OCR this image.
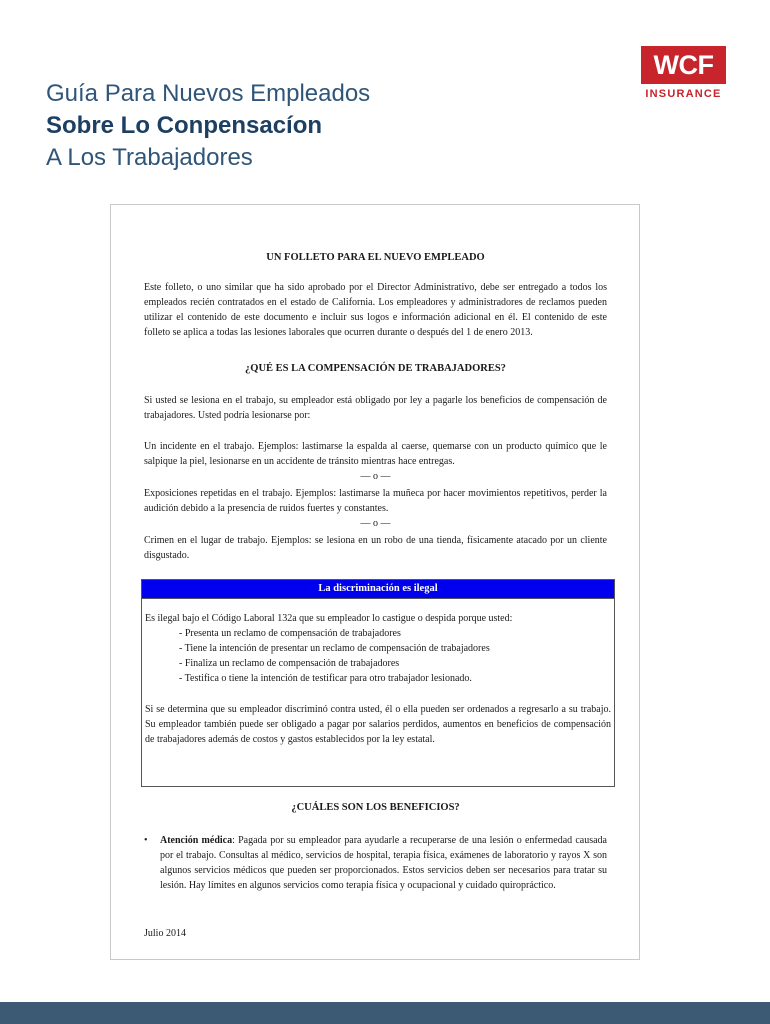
Guía Para Nuevos Empleados
Sobre Lo Conpensacíon
A Los Trabajadores
WCF
INSURANCE

UN FOLLETO PARA EL NUEVO EMPLEADO

Este folleto, o uno similar que ha sido aprobado por el Director Administrativo, debe ser entregado a todos los empleados recién contratados en el estado de California. Los empleadores y administradores de reclamos pueden utilizar el contenido de este documento e incluir sus logos e información adicional en él. El contenido de este folleto se aplica a todas las lesiones laborales que ocurren durante o después del 1 de enero 2013.

¿QUÉ ES LA COMPENSACIÓN DE TRABAJADORES?

Si usted se lesiona en el trabajo, su empleador está obligado por ley a pagarle los beneficios de compensación de trabajadores. Usted podría lesionarse por:

Un incidente en el trabajo. Ejemplos: lastimarse la espalda al caerse, quemarse con un producto químico que le salpique la piel, lesionarse en un accidente de tránsito mientras hace entregas.

— o —

Exposiciones repetidas en el trabajo. Ejemplos: lastimarse la muñeca por hacer movimientos repetitivos, perder la audición debido a la presencia de ruidos fuertes y constantes.

— o —

Crimen en el lugar de trabajo. Ejemplos: se lesiona en un robo de una tienda, físicamente atacado por un cliente disgustado.

La discriminación es ilegal

Es ilegal bajo el Código Laboral 132a que su empleador lo castigue o despida porque usted:

- Presenta un reclamo de compensación de trabajadores
- Tiene la intención de presentar un reclamo de compensación de trabajadores
- Finaliza un reclamo de compensación de trabajadores
- Testifica o tiene la intención de testificar para otro trabajador lesionado.

Si se determina que su empleador discriminó contra usted, él o ella pueden ser ordenados a regresarlo a su trabajo. Su empleador también puede ser obligado a pagar por salarios perdidos, aumentos en beneficios de compensación de trabajadores además de costos y gastos establecidos por la ley estatal.

¿CUÁLES SON LOS BENEFICIOS?

• Atención médica: Pagada por su empleador para ayudarle a recuperarse de una lesión o enfermedad causada por el trabajo. Consultas al médico, servicios de hospital, terapia física, exámenes de laboratorio y rayos X son algunos servicios médicos que pueden ser proporcionados. Estos servicios deben ser necesarios para tratar su lesión. Hay límites en algunos servicios como terapia física y ocupacional y cuidado quiropráctico.

Julio 2014
